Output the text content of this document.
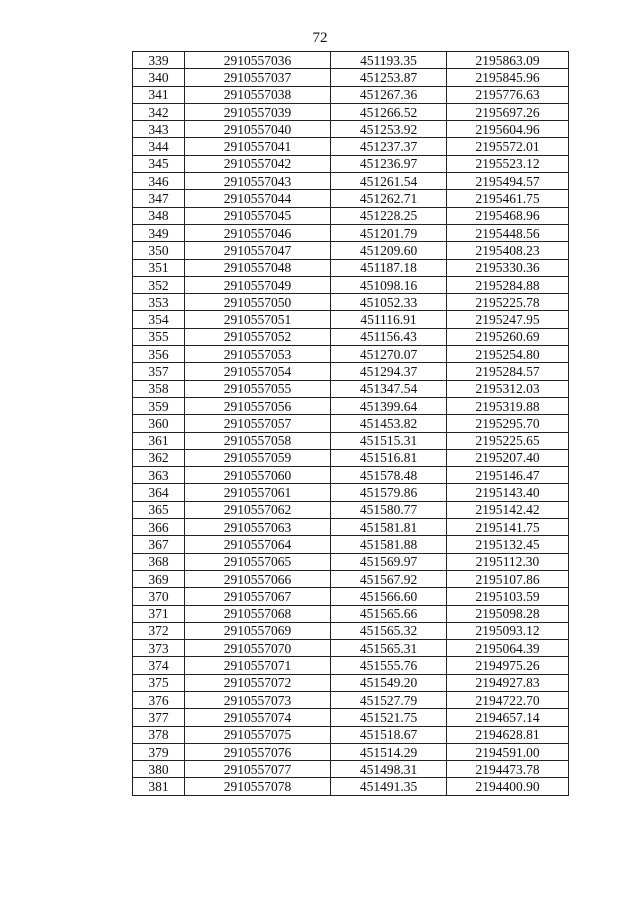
72
339	2910557036	451193.35	2195863.09
340	2910557037	451253.87	2195845.96
341	2910557038	451267.36	2195776.63
342	2910557039	451266.52	2195697.26
343	2910557040	451253.92	2195604.96
344	2910557041	451237.37	2195572.01
345	2910557042	451236.97	2195523.12
346	2910557043	451261.54	2195494.57
347	2910557044	451262.71	2195461.75
348	2910557045	451228.25	2195468.96
349	2910557046	451201.79	2195448.56
350	2910557047	451209.60	2195408.23
351	2910557048	451187.18	2195330.36
352	2910557049	451098.16	2195284.88
353	2910557050	451052.33	2195225.78
354	2910557051	451116.91	2195247.95
355	2910557052	451156.43	2195260.69
356	2910557053	451270.07	2195254.80
357	2910557054	451294.37	2195284.57
358	2910557055	451347.54	2195312.03
359	2910557056	451399.64	2195319.88
360	2910557057	451453.82	2195295.70
361	2910557058	451515.31	2195225.65
362	2910557059	451516.81	2195207.40
363	2910557060	451578.48	2195146.47
364	2910557061	451579.86	2195143.40
365	2910557062	451580.77	2195142.42
366	2910557063	451581.81	2195141.75
367	2910557064	451581.88	2195132.45
368	2910557065	451569.97	2195112.30
369	2910557066	451567.92	2195107.86
370	2910557067	451566.60	2195103.59
371	2910557068	451565.66	2195098.28
372	2910557069	451565.32	2195093.12
373	2910557070	451565.31	2195064.39
374	2910557071	451555.76	2194975.26
375	2910557072	451549.20	2194927.83
376	2910557073	451527.79	2194722.70
377	2910557074	451521.75	2194657.14
378	2910557075	451518.67	2194628.81
379	2910557076	451514.29	2194591.00
380	2910557077	451498.31	2194473.78
381	2910557078	451491.35	2194400.90
